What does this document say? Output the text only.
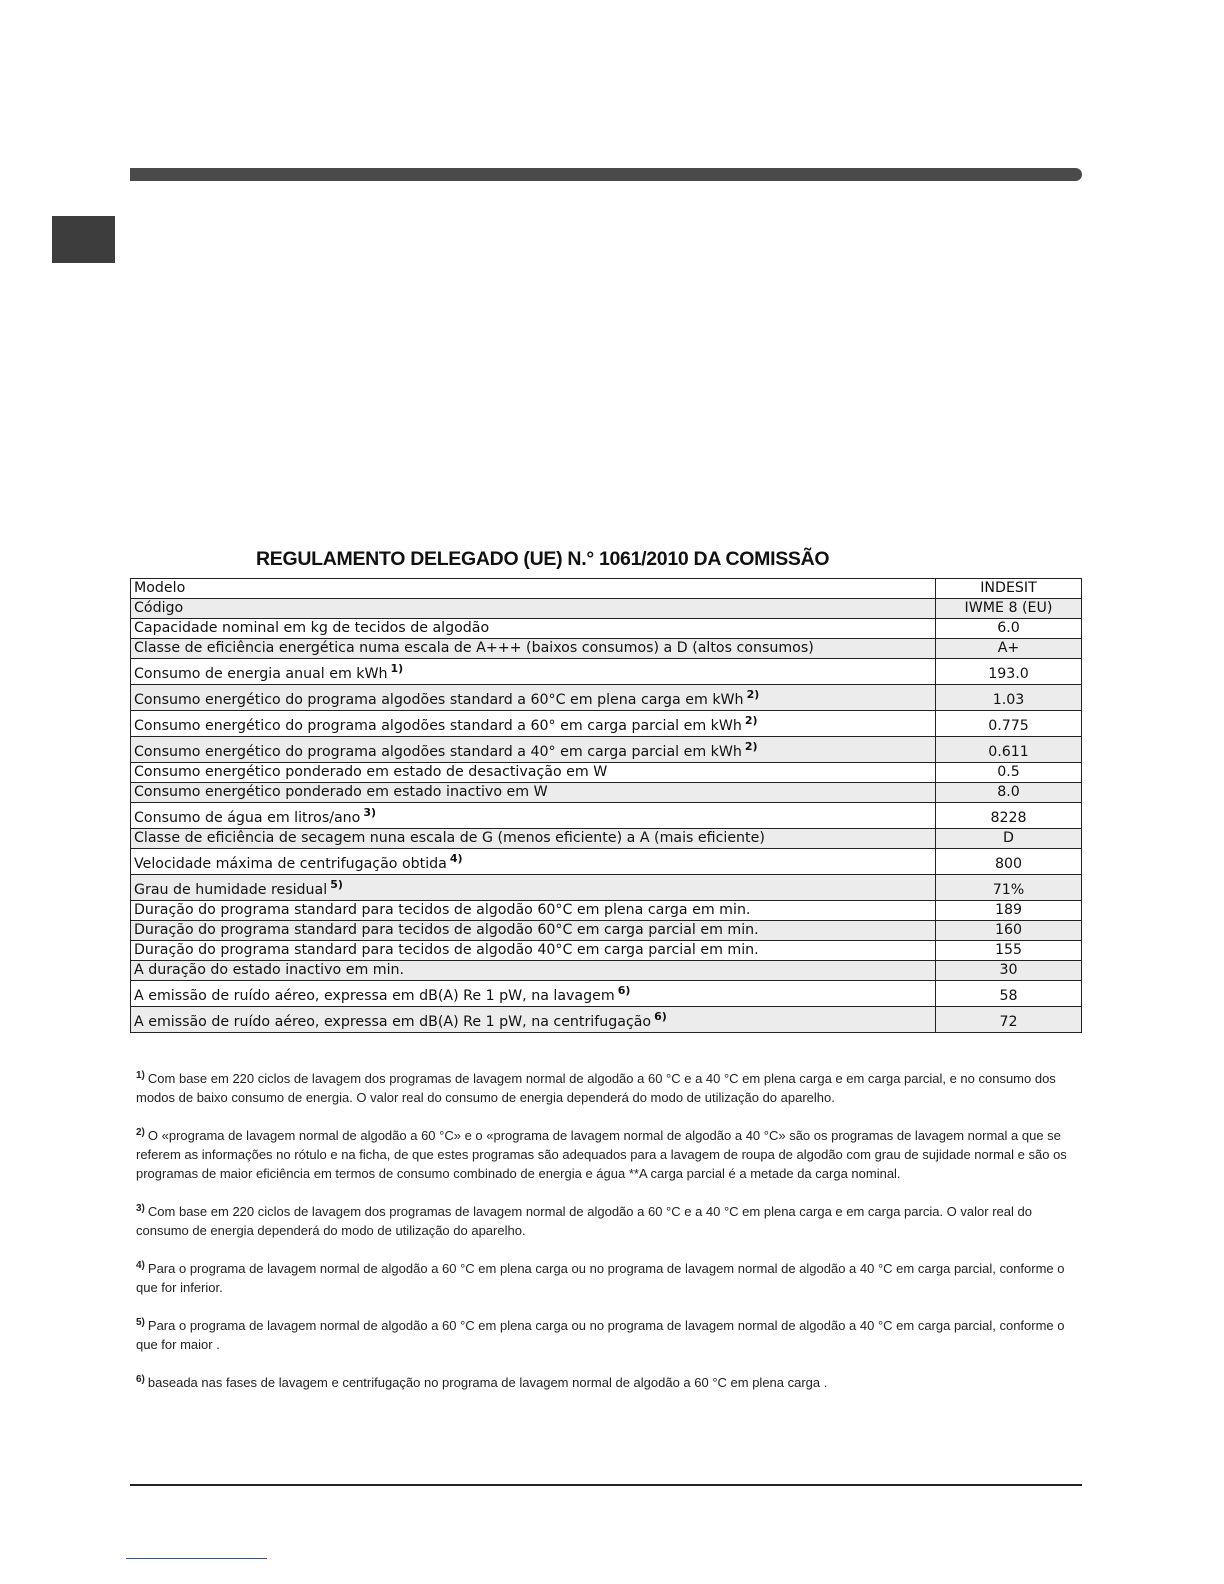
REGULAMENTO DELEGADO (UE) N.° 1061/2010 DA COMISSÃO
Modelo	INDESIT
Código	IWME 8 (EU)
Capacidade nominal em kg de tecidos de algodão	6.0
Classe de eficiência energética numa escala de A+++ (baixos consumos) a D (altos consumos)	A+
Consumo de energia anual em kWh $^{1)}$	193.0
Consumo energético do programa algodões standard a 60°C em plena carga em kWh $^{2)}$	1.03
Consumo energético do programa algodões standard a 60° em carga parcial em kWh $^{2)}$	0.775
Consumo energético do programa algodões standard a 40° em carga parcial em kWh $^{2)}$	0.611
Consumo energético ponderado em estado de desactivação em W	0.5
Consumo energético ponderado em estado inactivo em W	8.0
Consumo de água em litros/ano $^{3)}$	8228
Classe de eficiência de secagem nuna escala de G (menos eficiente) a A (mais eficiente)	D
Velocidade máxima de centrifugação obtida $^{4)}$	800
Grau de humidade residual $^{5)}$	71%
Duração do programa standard para tecidos de algodão 60°C em plena carga em min.	189
Duração do programa standard para tecidos de algodão 60°C em carga parcial em min.	160
Duração do programa standard para tecidos de algodão 40°C em carga parcial em min.	155
A duração do estado inactivo em min.	30
A emissão de ruído aéreo, expressa em dB(A) Re 1 pW, na lavagem $^{6)}$	58
A emissão de ruído aéreo, expressa em dB(A) Re 1 pW, na centrifugação $^{6)}$	72
$^{1)}$ Com base em 220 ciclos de lavagem dos programas de lavagem normal de algodão a 60 °C e a 40 °C em plena carga e em carga parcial, e no consumo dos modos de baixo consumo de energia. O valor real do consumo de energia dependerá do modo de utilização do aparelho.
$^{2)}$ O «programa de lavagem normal de algodão a 60 °C» e o «programa de lavagem normal de algodão a 40 °C» são os programas de lavagem normal a que se referem as informações no rótulo e na ficha, de que estes programas são adequados para a lavagem de roupa de algodão com grau de sujidade normal e são os programas de maior eficiência em termos de consumo combinado de energia e água **A carga parcial é a metade da carga nominal.
$^{3)}$ Com base em 220 ciclos de lavagem dos programas de lavagem normal de algodão a 60 °C e a 40 °C em plena carga e em carga parcia. O valor real do consumo de energia dependerá do modo de utilização do aparelho.
$^{4)}$ Para o programa de lavagem normal de algodão a 60 °C em plena carga ou no programa de lavagem normal de algodão a 40 °C em carga parcial, conforme o que for inferior.
$^{5)}$ Para o programa de lavagem normal de algodão a 60 °C em plena carga ou no programa de lavagem normal de algodão a 40 °C em carga parcial, conforme o que for maior .
$^{6)}$ baseada nas fases de lavagem e centrifugação no programa de lavagem normal de algodão a 60 °C em plena carga .
